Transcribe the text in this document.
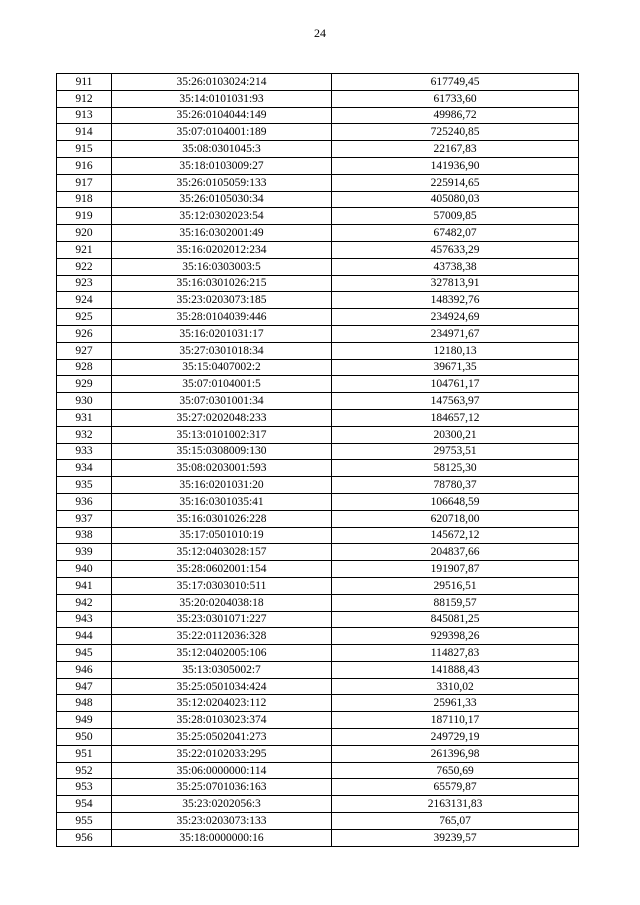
24
911	35:26:0103024:214	617749,45
912	35:14:0101031:93	61733,60
913	35:26:0104044:149	49986,72
914	35:07:0104001:189	725240,85
915	35:08:0301045:3	22167,83
916	35:18:0103009:27	141936,90
917	35:26:0105059:133	225914,65
918	35:26:0105030:34	405080,03
919	35:12:0302023:54	57009,85
920	35:16:0302001:49	67482,07
921	35:16:0202012:234	457633,29
922	35:16:0303003:5	43738,38
923	35:16:0301026:215	327813,91
924	35:23:0203073:185	148392,76
925	35:28:0104039:446	234924,69
926	35:16:0201031:17	234971,67
927	35:27:0301018:34	12180,13
928	35:15:0407002:2	39671,35
929	35:07:0104001:5	104761,17
930	35:07:0301001:34	147563,97
931	35:27:0202048:233	184657,12
932	35:13:0101002:317	20300,21
933	35:15:0308009:130	29753,51
934	35:08:0203001:593	58125,30
935	35:16:0201031:20	78780,37
936	35:16:0301035:41	106648,59
937	35:16:0301026:228	620718,00
938	35:17:0501010:19	145672,12
939	35:12:0403028:157	204837,66
940	35:28:0602001:154	191907,87
941	35:17:0303010:511	29516,51
942	35:20:0204038:18	88159,57
943	35:23:0301071:227	845081,25
944	35:22:0112036:328	929398,26
945	35:12:0402005:106	114827,83
946	35:13:0305002:7	141888,43
947	35:25:0501034:424	3310,02
948	35:12:0204023:112	25961,33
949	35:28:0103023:374	187110,17
950	35:25:0502041:273	249729,19
951	35:22:0102033:295	261396,98
952	35:06:0000000:114	7650,69
953	35:25:0701036:163	65579,87
954	35:23:0202056:3	2163131,83
955	35:23:0203073:133	765,07
956	35:18:0000000:16	39239,57
